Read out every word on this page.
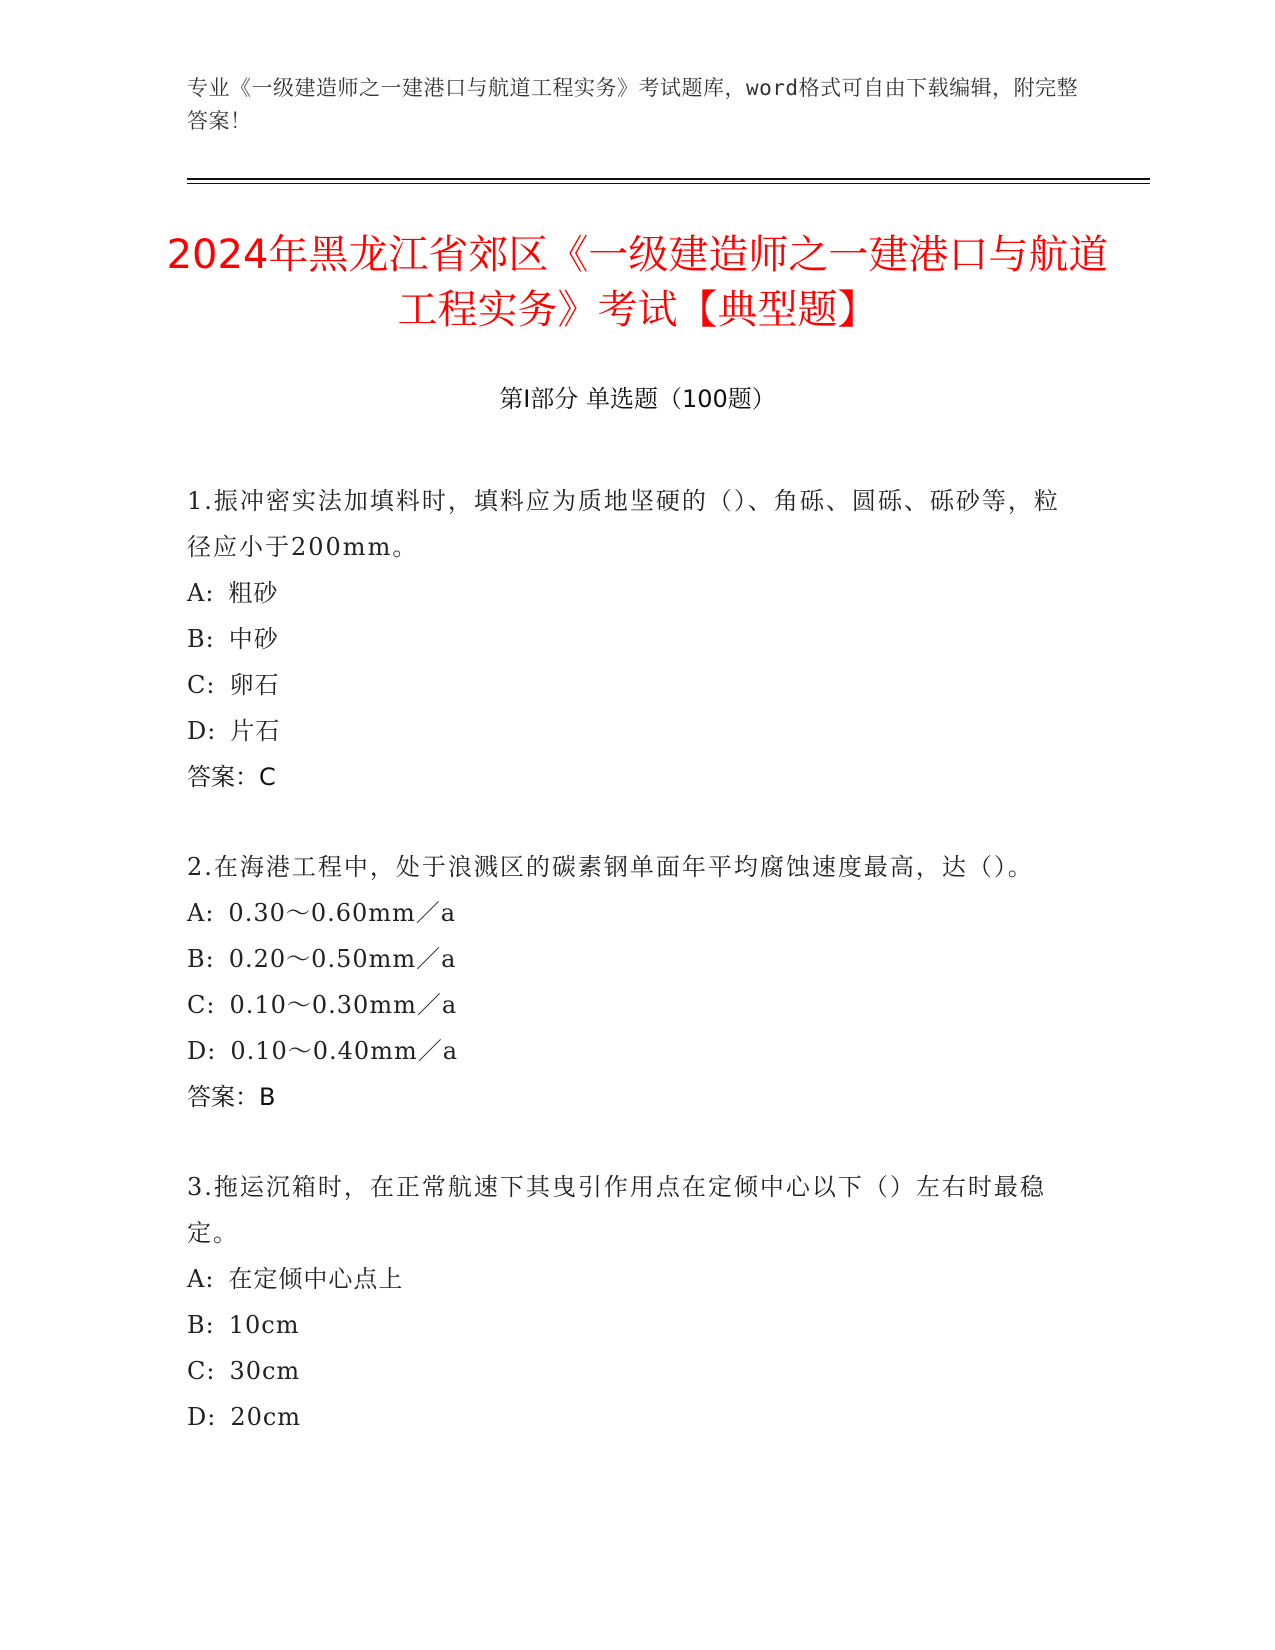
专业《一级建造师之一建港口与航道工程实务》考试题库，word格式可自由下载编辑，附完整答案！
2024年黑龙江省郊区《一级建造师之一建港口与航道工程实务》考试【典型题】
第Ⅰ部分 单选题（100题）
1.振冲密实法加填料时，填料应为质地坚硬的（）、角砾、圆砾、砾砂等，粒径应小于200mm。
A: 粗砂
B: 中砂
C: 卵石
D: 片石
答案：C
2.在海港工程中，处于浪溅区的碳素钢单面年平均腐蚀速度最高，达（）。
A: 0.30～0.60mm／a
B: 0.20～0.50mm／a
C: 0.10～0.30mm／a
D: 0.10～0.40mm／a
答案：B
3.拖运沉箱时，在正常航速下其曳引作用点在定倾中心以下（）左右时最稳定。
A: 在定倾中心点上
B: 10cm
C: 30cm
D: 20cm
